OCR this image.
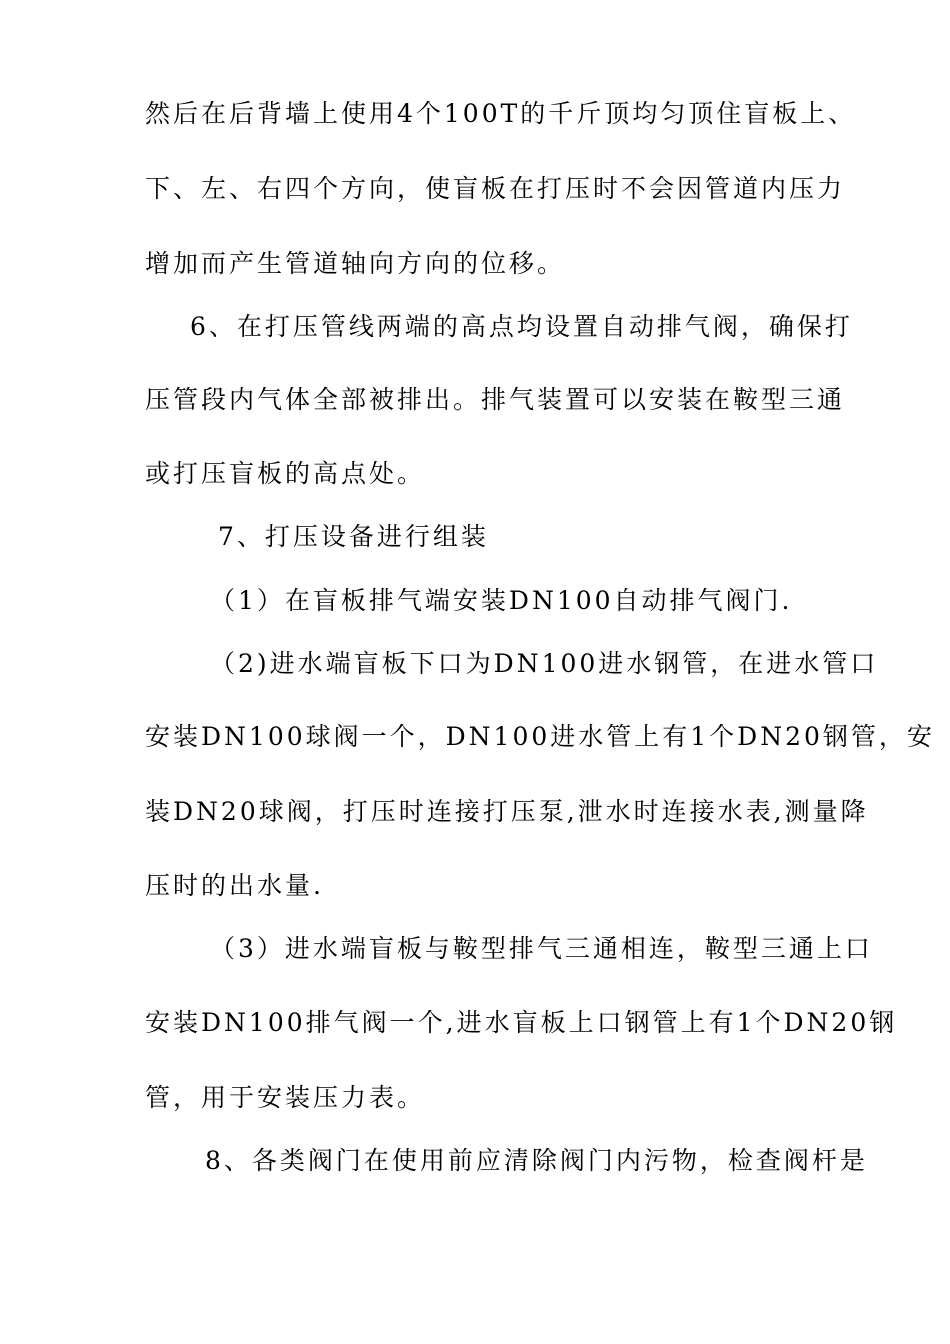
然后在后背墙上使用4个100T的千斤顶均匀顶住盲板上、
下、左、右四个方向，使盲板在打压时不会因管道内压力
增加而产生管道轴向方向的位移。
6、在打压管线两端的高点均设置自动排气阀，确保打
压管段内气体全部被排出。排气装置可以安装在鞍型三通
或打压盲板的高点处。
7、打压设备进行组装
（1）在盲板排气端安装DN100自动排气阀门.
（2)进水端盲板下口为DN100进水钢管，在进水管口
安装DN100球阀一个，DN100进水管上有1个DN20钢管，安
装DN20球阀，打压时连接打压泵,泄水时连接水表,测量降
压时的出水量.
（3）进水端盲板与鞍型排气三通相连，鞍型三通上口
安装DN100排气阀一个,进水盲板上口钢管上有1个DN20钢
管，用于安装压力表。
8、各类阀门在使用前应清除阀门内污物，检查阀杆是
